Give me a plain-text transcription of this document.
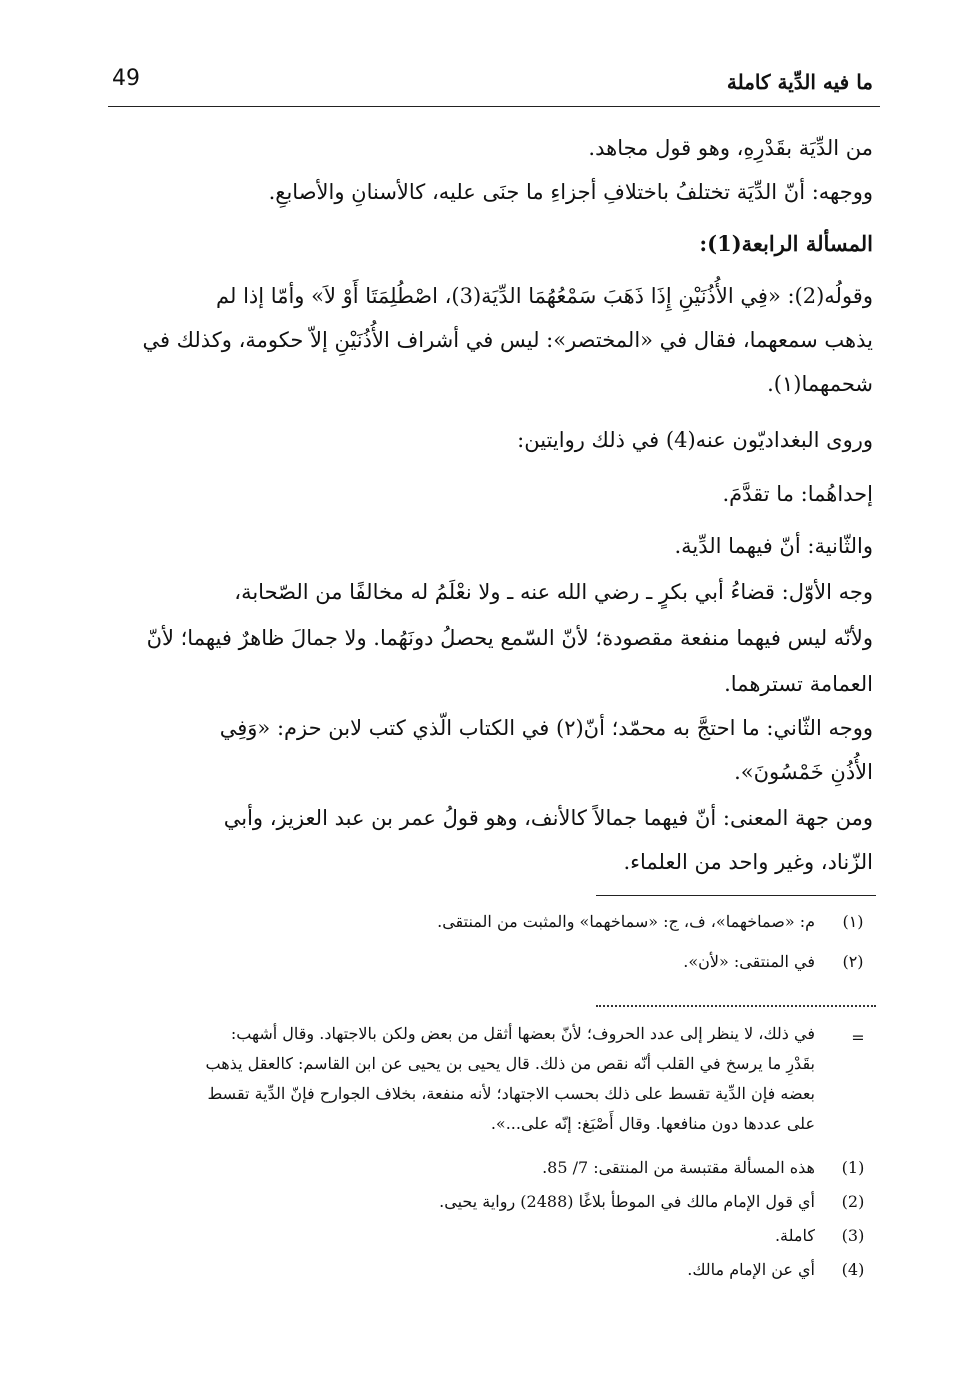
49	ما فيه الدِّية كاملة
من الدِّيَة بقَدْرِهِ، وهو قول مجاهد.
ووجهه: أنّ الدِّيَة تختلفُ باختلافِ أجزاءِ ما جنَى عليه، كالأسنانِ والأصابعِ.
المسألة الرابعة(1):
وقولُه(2): «فِي الأُذُنَيْنِ إِذَا ذَهَبَ سَمْعُهُمَا الدِّيَة(3)، اصْطُلِمَتَا أَوْ لاَ» وأمّا إذا لم
يذهب سمعهما، فقال في «المختصر»: ليس في أشراف الأُذُنَيْنِ إلاّ حكومة، وكذلك في
شحمهما(١).
وروى البغداديّون عنه(4) في ذلك روايتين:
إحداهُما: ما تقدَّمَ.
والثّانية: أنّ فيهما الدِّية.
وجه الأوّل: قضاءُ أبي بكرٍ ـ رضي الله عنه ـ ولا نعْلَمُ له مخالفًا من الصّحابة،
ولأنّه ليس فيهما منفعة مقصودة؛ لأنّ السّمع يحصلُ دونَهُما. ولا جمالَ ظاهرٌ فيهما؛ لأنّ
العمامة تسترهما.
ووجه الثّاني: ما احتجَّ به محمّد؛ أنّ(٢) في الكتاب الّذي كتب لابن حزم: «وَفِي
الأُذُنِ خَمْسُونَ».
ومن جهة المعنى: أنّ فيهما جمالاً كالأنف، وهو قولُ عمر بن عبد العزيز، وأبي
الزّناد، وغير واحد من العلماء.
(١)
م: «صماخهما»، ف، ج: «سماخهما» والمثبت من المنتقى.
(٢)
في المنتقى: «لأن».
=
في ذلك، لا ينظر إلى عدد الحروف؛ لأنّ بعضها أثقل من بعض ولكن بالاجتهاد. وقال أشهب:
بقَدْرِ ما يرسخ في القلب أنّه نقص من ذلك. قال يحيى بن يحيى عن ابن القاسم: كالعقل يذهب
بعضه فإن الدِّية تقسط على ذلك بحسب الاجتهاد؛ لأنه منفعة، بخلاف الجوارح فإنّ الدِّية تقسط
على عددها دون منافعها. وقال أَصْبَغ: إنّه على...».
(1)
هذه المسألة مقتبسة من المنتقى: 7/ 85.
(2)
أي قول الإمام مالك في الموطأ بلاغًا (2488) رواية يحيى.
(3)
كاملة.
(4)
أي عن الإمام مالك.
